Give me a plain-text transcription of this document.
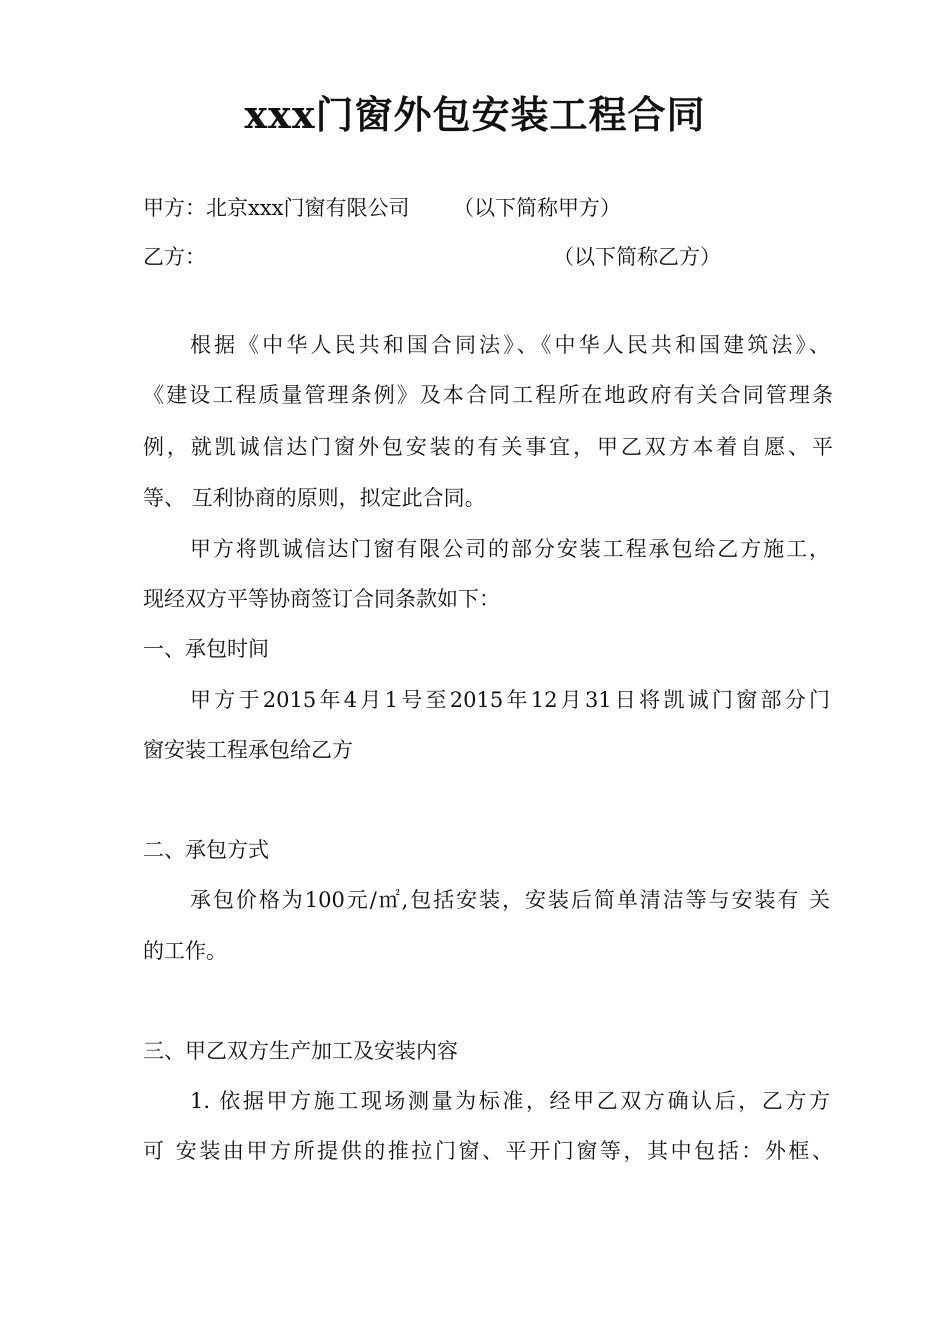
xxx门窗外包安装工程合同
甲方：北京xxx门窗有限公司	（以下简称甲方）
乙方：	（以下简称乙方）
根据《中华人民共和国合同法》、《中华人民共和国建筑法》、
《建设工程质量管理条例》及本合同工程所在地政府有关合同管理条
例，就凯诚信达门窗外包安装的有关事宜，甲乙双方本着自愿、平
等、 互利协商的原则，拟定此合同。
甲方将凯诚信达门窗有限公司的部分安装工程承包给乙方施工，
现经双方平等协商签订合同条款如下：
一、承包时间
甲方于2015年4月1号至2015年12月31日将凯诚门窗部分门
窗安装工程承包给乙方
二、承包方式
承包价格为100元/㎡,包括安装，安装后简单清洁等与安装有 关
的工作。
三、甲乙双方生产加工及安装内容
1. 依据甲方施工现场测量为标准，经甲乙双方确认后，乙方方
可 安装由甲方所提供的推拉门窗、平开门窗等，其中包括：外框、
